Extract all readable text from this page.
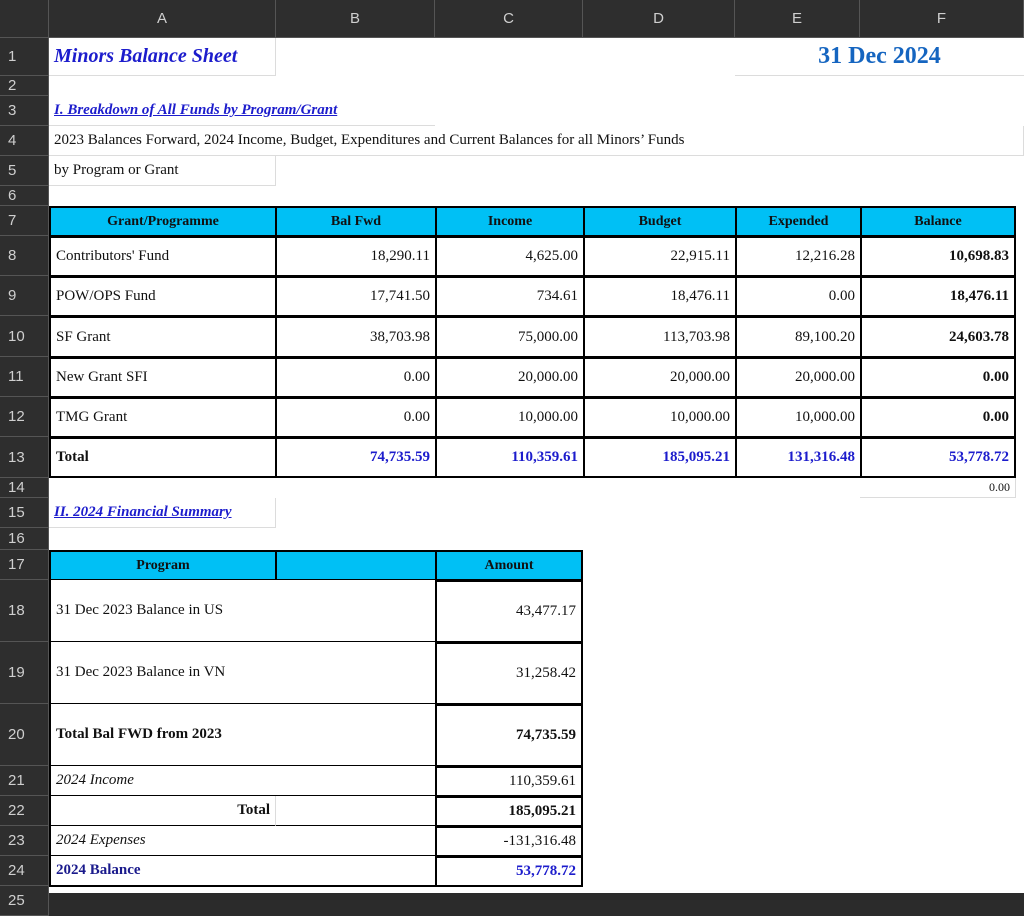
A	B	C	D	E	F
1
2
3
4
5
6
7
8
9
10
11
12
13
14
15
16
17
18
19
20
21
22
23
24
25
Minors Balance Sheet	31 Dec 2024
I. Breakdown of All Funds by Program/Grant
2023 Balances Forward, 2024 Income, Budget, Expenditures and Current Balances for all Minors’ Funds
by Program or Grant
Grant/Programme	Bal Fwd	Income	Budget	Expended	Balance
Contributors' Fund	18,290.11	4,625.00	22,915.11	12,216.28	10,698.83
POW/OPS Fund	17,741.50	734.61	18,476.11	0.00	18,476.11
SF Grant	38,703.98	75,000.00	113,703.98	89,100.20	24,603.78
New Grant SFI	0.00	20,000.00	20,000.00	20,000.00	0.00
TMG Grant	0.00	10,000.00	10,000.00	10,000.00	0.00
Total	74,735.59	110,359.61	185,095.21	131,316.48	53,778.72
0.00
II. 2024 Financial Summary
Program	Amount
31 Dec 2023 Balance in US	43,477.17
31 Dec 2023 Balance in VN	31,258.42
Total Bal FWD from 2023	74,735.59
2024 Income	110,359.61
Total	185,095.21
2024 Expenses	-131,316.48
2024 Balance	53,778.72
